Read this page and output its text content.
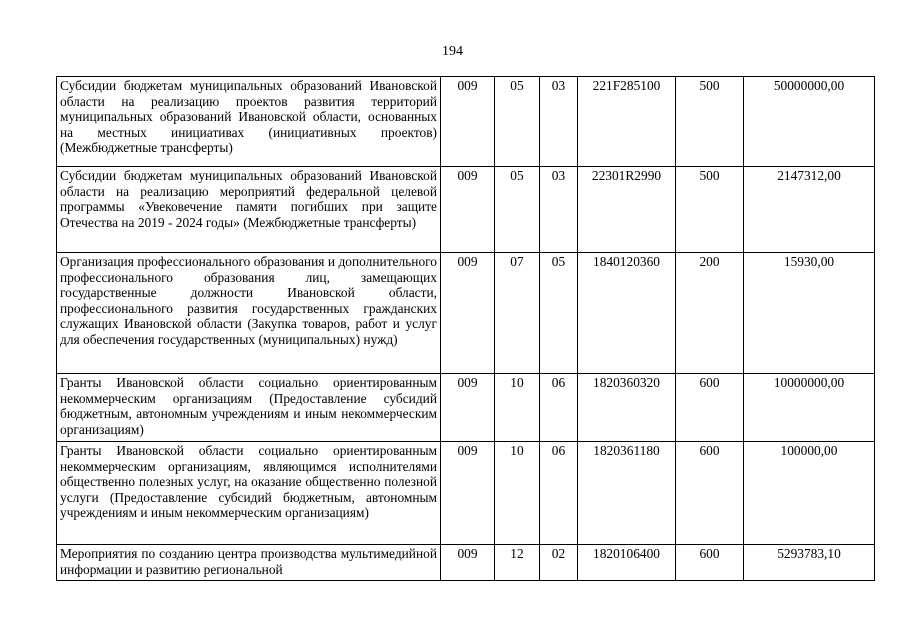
194
Субсидии бюджетам муниципальных образований Ивановской области на реализацию проектов развития территорий муниципальных образований Ивановской области, основанных на местных инициативах (инициативных проектов) (Межбюджетные трансферты)	009	05	03	221F285100	500	50000000,00
Субсидии бюджетам муниципальных образований Ивановской области на реализацию мероприятий федеральной целевой программы «Увековечение памяти погибших при защите Отечества на 2019 - 2024 годы» (Межбюджетные трансферты)	009	05	03	22301R2990	500	2147312,00
Организация профессионального образования и дополнительного профессионального образования лиц, замещающих государственные должности Ивановской области, профессионального развития государственных гражданских служащих Ивановской области (Закупка товаров, работ и услуг для обеспечения государственных (муниципальных) нужд)	009	07	05	1840120360	200	15930,00
Гранты Ивановской области социально ориентированным некоммерческим организациям (Предоставление субсидий бюджетным, автономным учреждениям и иным некоммерческим организациям)	009	10	06	1820360320	600	10000000,00
Гранты Ивановской области социально ориентированным некоммерческим организациям, являющимся исполнителями общественно полезных услуг, на оказание общественно полезной услуги (Предоставление субсидий бюджетным, автономным учреждениям и иным некоммерческим организациям)	009	10	06	1820361180	600	100000,00
Мероприятия по созданию центра производства мультимедийной информации и развитию региональной	009	12	02	1820106400	600	5293783,10
